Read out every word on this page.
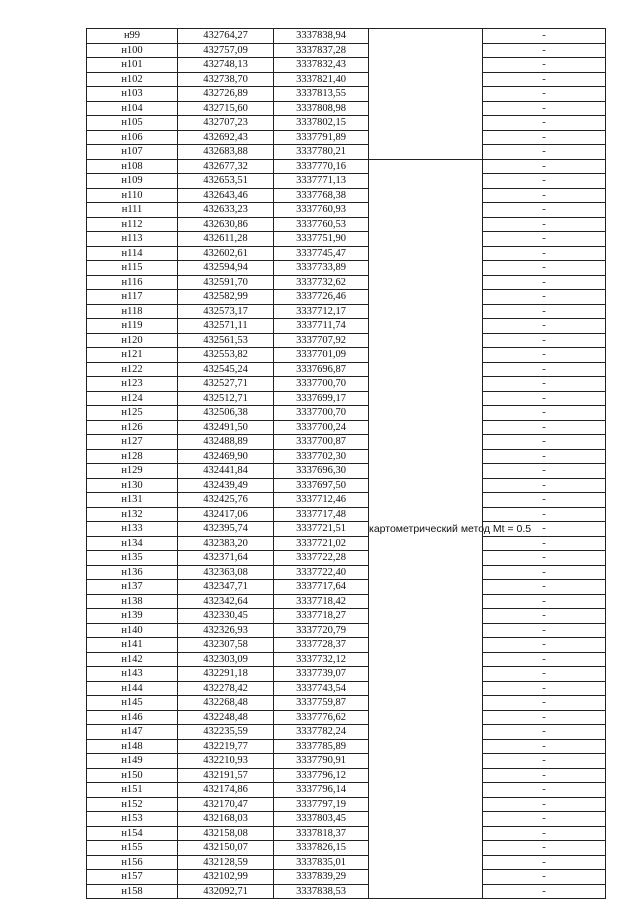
н99	432764,27	3337838,94		-
н100	432757,09	3337837,28		-
н101	432748,13	3337832,43		-
н102	432738,70	3337821,40		-
н103	432726,89	3337813,55		-
н104	432715,60	3337808,98		-
н105	432707,23	3337802,15		-
н106	432692,43	3337791,89		-
н107	432683,88	3337780,21		-
н108	432677,32	3337770,16	картометрический метод Mt = 0.5	-
н109	432653,51	3337771,13		-
н110	432643,46	3337768,38		-
н111	432633,23	3337760,93		-
н112	432630,86	3337760,53		-
н113	432611,28	3337751,90		-
н114	432602,61	3337745,47		-
н115	432594,94	3337733,89		-
н116	432591,70	3337732,62		-
н117	432582,99	3337726,46		-
н118	432573,17	3337712,17		-
н119	432571,11	3337711,74		-
н120	432561,53	3337707,92		-
н121	432553,82	3337701,09		-
н122	432545,24	3337696,87		-
н123	432527,71	3337700,70		-
н124	432512,71	3337699,17		-
н125	432506,38	3337700,70		-
н126	432491,50	3337700,24		-
н127	432488,89	3337700,87		-
н128	432469,90	3337702,30		-
н129	432441,84	3337696,30		-
н130	432439,49	3337697,50		-
н131	432425,76	3337712,46		-
н132	432417,06	3337717,48		-
н133	432395,74	3337721,51		-
н134	432383,20	3337721,02		-
н135	432371,64	3337722,28		-
н136	432363,08	3337722,40		-
н137	432347,71	3337717,64		-
н138	432342,64	3337718,42		-
н139	432330,45	3337718,27		-
н140	432326,93	3337720,79		-
н141	432307,58	3337728,37		-
н142	432303,09	3337732,12		-
н143	432291,18	3337739,07		-
н144	432278,42	3337743,54		-
н145	432268,48	3337759,87		-
н146	432248,48	3337776,62		-
н147	432235,59	3337782,24		-
н148	432219,77	3337785,89		-
н149	432210,93	3337790,91		-
н150	432191,57	3337796,12		-
н151	432174,86	3337796,14		-
н152	432170,47	3337797,19		-
н153	432168,03	3337803,45		-
н154	432158,08	3337818,37		-
н155	432150,07	3337826,15		-
н156	432128,59	3337835,01		-
н157	432102,99	3337839,29		-
н158	432092,71	3337838,53		-
